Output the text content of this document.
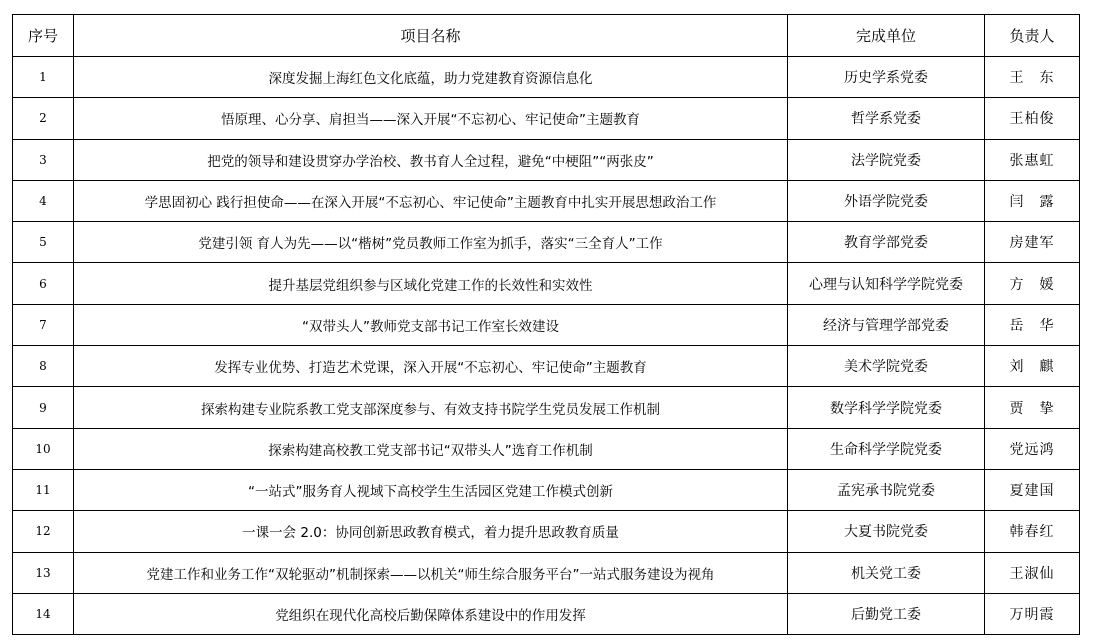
序号	项目名称	完成单位	负责人
1	深度发掘上海红色文化底蕴，助力党建教育资源信息化	历史学系党委	王　东
2	悟原理、心分享、肩担当——深入开展“不忘初心、牢记使命”主题教育	哲学系党委	王柏俊
3	把党的领导和建设贯穿办学治校、教书育人全过程，避免“中梗阻”“两张皮”	法学院党委	张惠虹
4	学思固初心 践行担使命——在深入开展“不忘初心、牢记使命”主题教育中扎实开展思想政治工作	外语学院党委	闫　露
5	党建引领 育人为先——以“楷树”党员教师工作室为抓手，落实“三全育人”工作	教育学部党委	房建军
6	提升基层党组织参与区域化党建工作的长效性和实效性	心理与认知科学学院党委	方　媛
7	“双带头人”教师党支部书记工作室长效建设	经济与管理学部党委	岳　华
8	发挥专业优势、打造艺术党课，深入开展“不忘初心、牢记使命”主题教育	美术学院党委	刘　麒
9	探索构建专业院系教工党支部深度参与、有效支持书院学生党员发展工作机制	数学科学学院党委	贾　挚
10	探索构建高校教工党支部书记“双带头人”选育工作机制	生命科学学院党委	党远鸿
11	“一站式”服务育人视域下高校学生生活园区党建工作模式创新	孟宪承书院党委	夏建国
12	一课一会 2.0：协同创新思政教育模式，着力提升思政教育质量	大夏书院党委	韩春红
13	党建工作和业务工作“双轮驱动”机制探索——以机关“师生综合服务平台”一站式服务建设为视角	机关党工委	王淑仙
14	党组织在现代化高校后勤保障体系建设中的作用发挥	后勤党工委	万明霞
